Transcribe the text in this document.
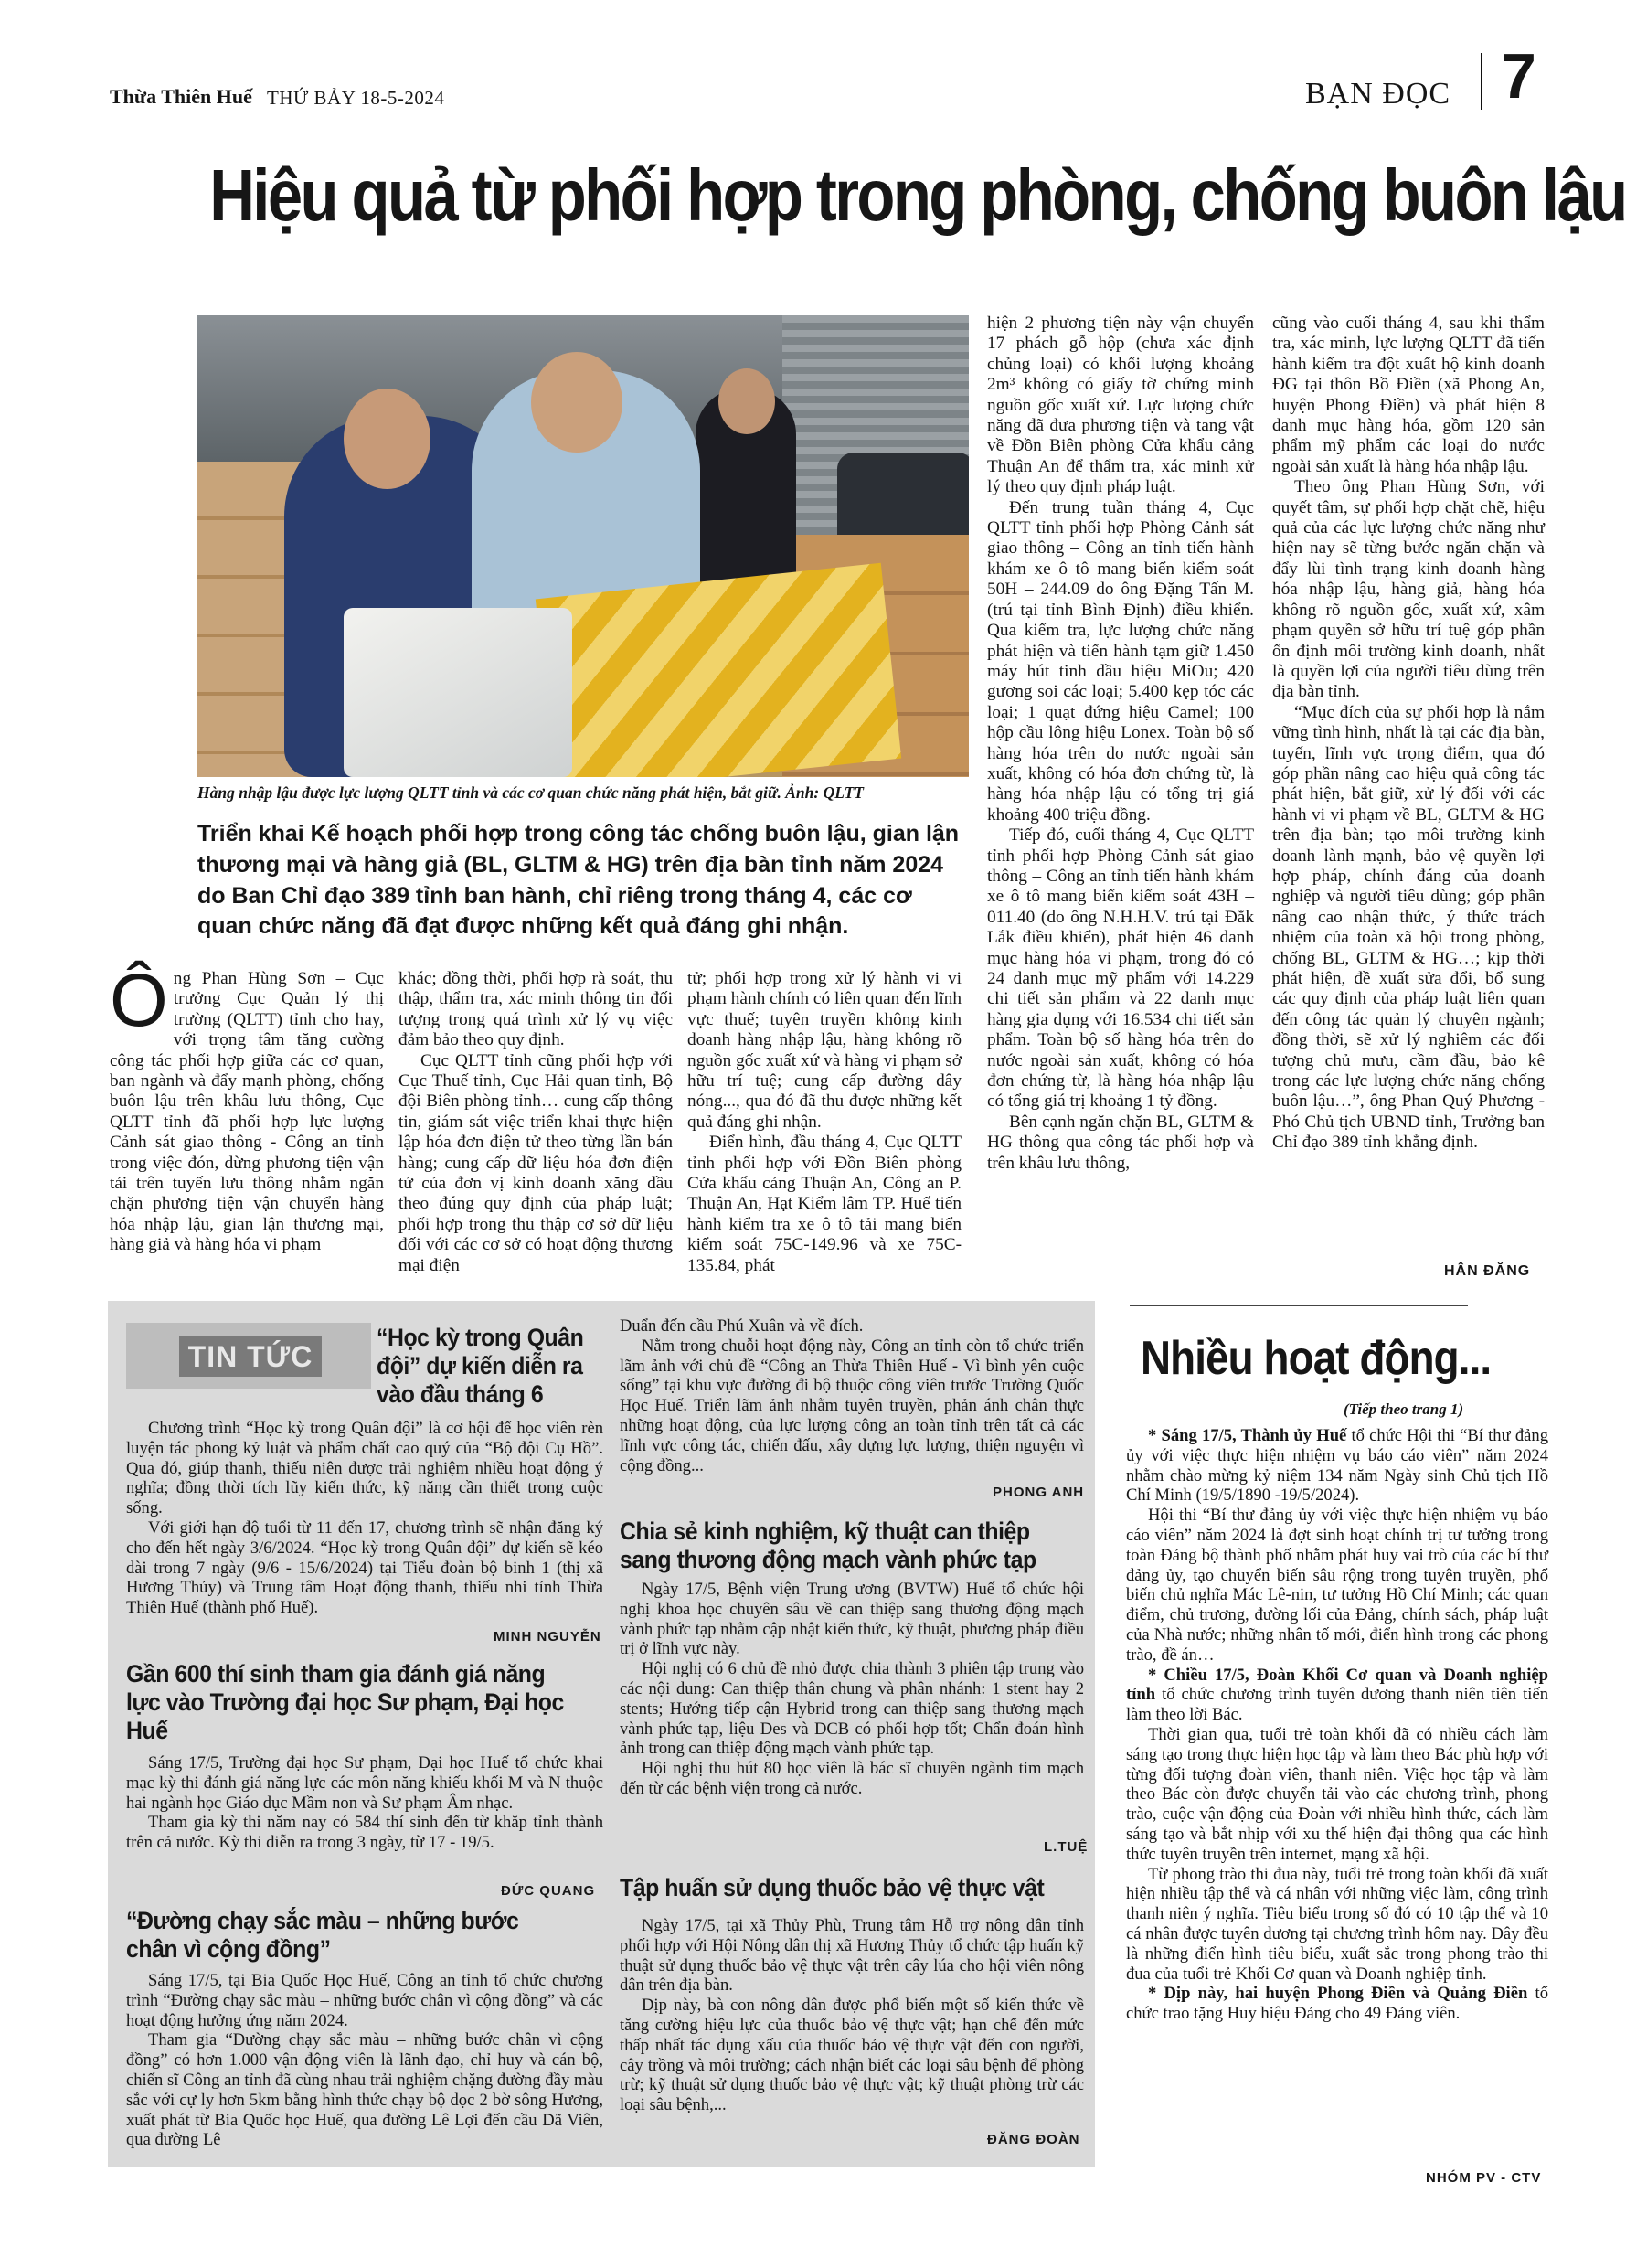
Thừa Thiên Huế THỨ BẢY 18-5-2024	BẠN ĐỌC 7
Hiệu quả từ phối hợp trong phòng, chống buôn lậu
Hàng nhập lậu được lực lượng QLTT tỉnh và các cơ quan chức năng phát hiện, bắt giữ. Ảnh: QLTT
Triển khai Kế hoạch phối hợp trong công tác chống buôn lậu, gian lận thương mại và hàng giả (BL, GLTM & HG) trên địa bàn tỉnh năm 2024 do Ban Chỉ đạo 389 tỉnh ban hành, chỉ riêng trong tháng 4, các cơ quan chức năng đã đạt được những kết quả đáng ghi nhận.
Ô ng Phan Hùng Sơn – Cục trưởng Cục Quản lý thị trường (QLTT) tỉnh cho hay, với trọng tâm tăng cường công tác phối hợp giữa các cơ quan, ban ngành và đẩy mạnh phòng, chống buôn lậu trên khâu lưu thông, Cục QLTT tỉnh đã phối hợp lực lượng Cảnh sát giao thông - Công an tỉnh trong việc đón, dừng phương tiện vận tải trên tuyến lưu thông nhằm ngăn chặn phương tiện vận chuyển hàng hóa nhập lậu, gian lận thương mại, hàng giả và hàng hóa vi phạm

khác; đồng thời, phối hợp rà soát, thu thập, thẩm tra, xác minh thông tin đối tượng trong quá trình xử lý vụ việc đảm bảo theo quy định.

Cục QLTT tỉnh cũng phối hợp với Cục Thuế tỉnh, Cục Hải quan tỉnh, Bộ đội Biên phòng tỉnh… cung cấp thông tin, giám sát việc triển khai thực hiện lập hóa đơn điện tử theo từng lần bán hàng; cung cấp dữ liệu hóa đơn điện tử của đơn vị kinh doanh xăng dầu theo đúng quy định của pháp luật; phối hợp trong thu thập cơ sở dữ liệu đối với các cơ sở có hoạt động thương mại điện

tử; phối hợp trong xử lý hành vi vi phạm hành chính có liên quan đến lĩnh vực thuế; tuyên truyền không kinh doanh hàng nhập lậu, hàng không rõ nguồn gốc xuất xứ và hàng vi phạm sở hữu trí tuệ; cung cấp đường dây nóng..., qua đó đã thu được những kết quả đáng ghi nhận.

Điển hình, đầu tháng 4, Cục QLTT tỉnh phối hợp với Đồn Biên phòng Cửa khẩu cảng Thuận An, Công an P. Thuận An, Hạt Kiểm lâm TP. Huế tiến hành kiểm tra xe ô tô tải mang biển kiểm soát 75C-149.96 và xe 75C-135.84, phát

hiện 2 phương tiện này vận chuyển 17 phách gỗ hộp (chưa xác định chủng loại) có khối lượng khoảng 2m³ không có giấy tờ chứng minh nguồn gốc xuất xứ. Lực lượng chức năng đã đưa phương tiện và tang vật về Đồn Biên phòng Cửa khẩu cảng Thuận An để thẩm tra, xác minh xử lý theo quy định pháp luật.

Đến trung tuần tháng 4, Cục QLTT tỉnh phối hợp Phòng Cảnh sát giao thông – Công an tỉnh tiến hành khám xe ô tô mang biển kiểm soát 50H – 244.09 do ông Đặng Tấn M. (trú tại tỉnh Bình Định) điều khiển. Qua kiểm tra, lực lượng chức năng phát hiện và tiến hành tạm giữ 1.450 máy hút tinh dầu hiệu MiOu; 420 gương soi các loại; 5.400 kẹp tóc các loại; 1 quạt đứng hiệu Camel; 100 hộp cầu lông hiệu Lonex. Toàn bộ số hàng hóa trên do nước ngoài sản xuất, không có hóa đơn chứng từ, là hàng hóa nhập lậu có tổng trị giá khoảng 400 triệu đồng.

Tiếp đó, cuối tháng 4, Cục QLTT tỉnh phối hợp Phòng Cảnh sát giao thông – Công an tỉnh tiến hành khám xe ô tô mang biển kiểm soát 43H – 011.40 (do ông N.H.H.V. trú tại Đắk Lắk điều khiển), phát hiện 46 danh mục hàng hóa vi phạm, trong đó có 24 danh mục mỹ phẩm với 14.229 chi tiết sản phẩm và 22 danh mục hàng gia dụng với 16.534 chi tiết sản phẩm. Toàn bộ số hàng hóa trên do nước ngoài sản xuất, không có hóa đơn chứng từ, là hàng hóa nhập lậu có tổng giá trị khoảng 1 tỷ đồng.

Bên cạnh ngăn chặn BL, GLTM & HG thông qua công tác phối hợp và trên khâu lưu thông,

cũng vào cuối tháng 4, sau khi thẩm tra, xác minh, lực lượng QLTT đã tiến hành kiểm tra đột xuất hộ kinh doanh ĐG tại thôn Bồ Điền (xã Phong An, huyện Phong Điền) và phát hiện 8 danh mục hàng hóa, gồm 120 sản phẩm mỹ phẩm các loại do nước ngoài sản xuất là hàng hóa nhập lậu.

Theo ông Phan Hùng Sơn, với quyết tâm, sự phối hợp chặt chẽ, hiệu quả của các lực lượng chức năng như hiện nay sẽ từng bước ngăn chặn và đẩy lùi tình trạng kinh doanh hàng hóa nhập lậu, hàng giả, hàng hóa không rõ nguồn gốc, xuất xứ, xâm phạm quyền sở hữu trí tuệ góp phần ổn định môi trường kinh doanh, nhất là quyền lợi của người tiêu dùng trên địa bàn tỉnh.

“Mục đích của sự phối hợp là nắm vững tình hình, nhất là tại các địa bàn, tuyến, lĩnh vực trọng điểm, qua đó góp phần nâng cao hiệu quả công tác phát hiện, bắt giữ, xử lý đối với các hành vi vi phạm về BL, GLTM & HG trên địa bàn; tạo môi trường kinh doanh lành mạnh, bảo vệ quyền lợi hợp pháp, chính đáng của doanh nghiệp và người tiêu dùng; góp phần nâng cao nhận thức, ý thức trách nhiệm của toàn xã hội trong phòng, chống BL, GLTM & HG…; kịp thời phát hiện, đề xuất sửa đổi, bổ sung các quy định của pháp luật liên quan đến công tác quản lý chuyên ngành; đồng thời, sẽ xử lý nghiêm các đối tượng chủ mưu, cầm đầu, bảo kê trong các lực lượng chức năng chống buôn lậu…”, ông Phan Quý Phương - Phó Chủ tịch UBND tỉnh, Trưởng ban Chỉ đạo 389 tỉnh khẳng định.

HÂN ĐĂNG
TIN TỨC
“Học kỳ trong Quân đội” dự kiến diễn ra vào đầu tháng 6

Chương trình “Học kỳ trong Quân đội” là cơ hội để học viên rèn luyện tác phong kỷ luật và phẩm chất cao quý của “Bộ đội Cụ Hồ”. Qua đó, giúp thanh, thiếu niên được trải nghiệm nhiều hoạt động ý nghĩa; đồng thời tích lũy kiến thức, kỹ năng cần thiết trong cuộc sống.

Với giới hạn độ tuổi từ 11 đến 17, chương trình sẽ nhận đăng ký cho đến hết ngày 3/6/2024. “Học kỳ trong Quân đội” dự kiến sẽ kéo dài trong 7 ngày (9/6 - 15/6/2024) tại Tiểu đoàn bộ binh 1 (thị xã Hương Thủy) và Trung tâm Hoạt động thanh, thiếu nhi tỉnh Thừa Thiên Huế (thành phố Huế).

MINH NGUYỄN
Gần 600 thí sinh tham gia đánh giá năng lực vào Trường đại học Sư phạm, Đại học Huế

Sáng 17/5, Trường đại học Sư phạm, Đại học Huế tổ chức khai mạc kỳ thi đánh giá năng lực các môn năng khiếu khối M và N thuộc hai ngành học Giáo dục Mầm non và Sư phạm Âm nhạc.

Tham gia kỳ thi năm nay có 584 thí sinh đến từ khắp tỉnh thành trên cả nước. Kỳ thi diễn ra trong 3 ngày, từ 17 - 19/5.

ĐỨC QUANG
“Đường chạy sắc màu – những bước chân vì cộng đồng”

Sáng 17/5, tại Bia Quốc Học Huế, Công an tỉnh tổ chức chương trình “Đường chạy sắc màu – những bước chân vì cộng đồng” và các hoạt động hưởng ứng năm 2024.

Tham gia “Đường chạy sắc màu – những bước chân vì cộng đồng” có hơn 1.000 vận động viên là lãnh đạo, chỉ huy và cán bộ, chiến sĩ Công an tỉnh đã cùng nhau trải nghiệm chặng đường đầy màu sắc với cự ly hơn 5km bằng hình thức chạy bộ dọc 2 bờ sông Hương, xuất phát từ Bia Quốc học Huế, qua đường Lê Lợi đến cầu Dã Viên, qua đường Lê

Duẩn đến cầu Phú Xuân và về đích.

Nằm trong chuỗi hoạt động này, Công an tỉnh còn tổ chức triển lãm ảnh với chủ đề “Công an Thừa Thiên Huế - Vì bình yên cuộc sống” tại khu vực đường đi bộ thuộc công viên trước Trường Quốc Học Huế. Triển lãm ảnh nhằm tuyên truyền, phản ánh chân thực những hoạt động, của lực lượng công an toàn tỉnh trên tất cả các lĩnh vực công tác, chiến đấu, xây dựng lực lượng, thiện nguyện vì cộng đồng...

PHONG ANH
Chia sẻ kinh nghiệm, kỹ thuật can thiệp sang thương động mạch vành phức tạp

Ngày 17/5, Bệnh viện Trung ương (BVTW) Huế tổ chức hội nghị khoa học chuyên sâu về can thiệp sang thương động mạch vành phức tạp nhằm cập nhật kiến thức, kỹ thuật, phương pháp điều trị ở lĩnh vực này.

Hội nghị có 6 chủ đề nhỏ được chia thành 3 phiên tập trung vào các nội dung: Can thiệp thân chung và phân nhánh: 1 stent hay 2 stents; Hướng tiếp cận Hybrid trong can thiệp sang thương mạch vành phức tạp, liệu Des và DCB có phối hợp tốt; Chẩn đoán hình ảnh trong can thiệp động mạch vành phức tạp.

Hội nghị thu hút 80 học viên là bác sĩ chuyên ngành tim mạch đến từ các bệnh viện trong cả nước.

L.TUỆ
Tập huấn sử dụng thuốc bảo vệ thực vật

Ngày 17/5, tại xã Thủy Phù, Trung tâm Hỗ trợ nông dân tỉnh phối hợp với Hội Nông dân thị xã Hương Thủy tổ chức tập huấn kỹ thuật sử dụng thuốc bảo vệ thực vật trên cây lúa cho hội viên nông dân trên địa bàn.

Dịp này, bà con nông dân được phổ biến một số kiến thức về tăng cường hiệu lực của thuốc bảo vệ thực vật; hạn chế đến mức thấp nhất tác dụng xấu của thuốc bảo vệ thực vật đến con người, cây trồng và môi trường; cách nhận biết các loại sâu bệnh để phòng trừ; kỹ thuật sử dụng thuốc bảo vệ thực vật; kỹ thuật phòng trừ các loại sâu bệnh,...

ĐĂNG ĐOÀN
Nhiều hoạt động...
(Tiếp theo trang 1)

* Sáng 17/5, Thành ủy Huế tổ chức Hội thi “Bí thư đảng ủy với việc thực hiện nhiệm vụ báo cáo viên” năm 2024 nhằm chào mừng kỷ niệm 134 năm Ngày sinh Chủ tịch Hồ Chí Minh (19/5/1890 -19/5/2024).

Hội thi “Bí thư đảng ủy với việc thực hiện nhiệm vụ báo cáo viên” năm 2024 là đợt sinh hoạt chính trị tư tưởng trong toàn Đảng bộ thành phố nhằm phát huy vai trò của các bí thư đảng ủy, tạo chuyển biến sâu rộng trong tuyên truyền, phổ biến chủ nghĩa Mác Lê-nin, tư tưởng Hồ Chí Minh; các quan điểm, chủ trương, đường lối của Đảng, chính sách, pháp luật của Nhà nước; những nhân tố mới, điển hình trong các phong trào, đề án…

* Chiều 17/5, Đoàn Khối Cơ quan và Doanh nghiệp tỉnh tổ chức chương trình tuyên dương thanh niên tiên tiến làm theo lời Bác.

Thời gian qua, tuổi trẻ toàn khối đã có nhiều cách làm sáng tạo trong thực hiện học tập và làm theo Bác phù hợp với từng đối tượng đoàn viên, thanh niên. Việc học tập và làm theo Bác còn được chuyển tải vào các chương trình, phong trào, cuộc vận động của Đoàn với nhiều hình thức, cách làm sáng tạo và bắt nhịp với xu thế hiện đại thông qua các hình thức tuyên truyền trên internet, mạng xã hội.

Từ phong trào thi đua này, tuổi trẻ trong toàn khối đã xuất hiện nhiều tập thể và cá nhân với những việc làm, công trình thanh niên ý nghĩa. Tiêu biểu trong số đó có 10 tập thể và 10 cá nhân được tuyên dương tại chương trình hôm nay. Đây đều là những điển hình tiêu biểu, xuất sắc trong phong trào thi đua của tuổi trẻ Khối Cơ quan và Doanh nghiệp tỉnh.

* Dịp này, hai huyện Phong Điền và Quảng Điền tổ chức trao tặng Huy hiệu Đảng cho 49 Đảng viên.

NHÓM PV - CTV
